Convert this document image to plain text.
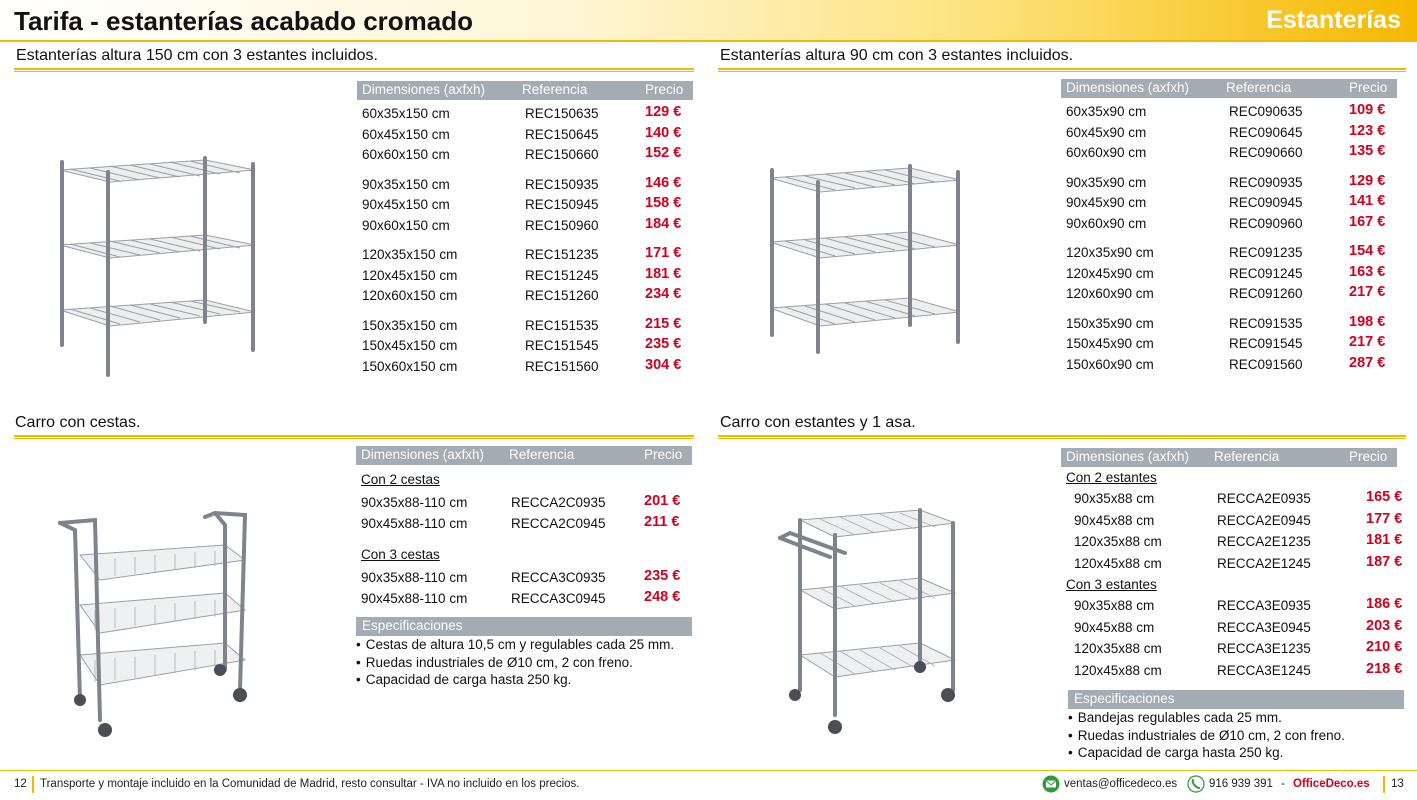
Tarifa - estanterías acabado cromado	Estanterías
Estanterías altura 150 cm con 3 estantes incluidos.
Dimensiones (axfxh)	Referencia	Precio
60x35x150 cm	REC150635	129 €
60x45x150 cm	REC150645	140 €
60x60x150 cm	REC150660	152 €
90x35x150 cm	REC150935	146 €
90x45x150 cm	REC150945	158 €
90x60x150 cm	REC150960	184 €
120x35x150 cm	REC151235	171 €
120x45x150 cm	REC151245	181 €
120x60x150 cm	REC151260	234 €
150x35x150 cm	REC151535	215 €
150x45x150 cm	REC151545	235 €
150x60x150 cm	REC151560	304 €
Estanterías altura 90 cm con 3 estantes incluidos.
Dimensiones (axfxh)	Referencia	Precio
60x35x90 cm	REC090635	109 €
60x45x90 cm	REC090645	123 €
60x60x90 cm	REC090660	135 €
90x35x90 cm	REC090935	129 €
90x45x90 cm	REC090945	141 €
90x60x90 cm	REC090960	167 €
120x35x90 cm	REC091235	154 €
120x45x90 cm	REC091245	163 €
120x60x90 cm	REC091260	217 €
150x35x90 cm	REC091535	198 €
150x45x90 cm	REC091545	217 €
150x60x90 cm	REC091560	287 €
Carro con cestas.
Dimensiones (axfxh) Referencia	Precio
Con 2 cestas
90x35x88-110 cm	RECCA2C0935	201 €
90x45x88-110 cm	RECCA2C0945	211 €
Con 3 cestas
90x35x88-110 cm	RECCA3C0935	235 €
90x45x88-110 cm	RECCA3C0945	248 €
Especificaciones
• Cestas de altura 10,5 cm y regulables cada 25 mm.
• Ruedas industriales de Ø10 cm, 2 con freno.
• Capacidad de carga hasta 250 kg.
Carro con estantes y 1 asa.
Dimensiones (axfxh) Referencia	Precio
Con 2 estantes
90x35x88 cm	RECCA2E0935	165 €
90x45x88 cm	RECCA2E0945	177 €
120x35x88 cm	RECCA2E1235	181 €
120x45x88 cm	RECCA2E1245	187 €
Con 3 estantes
90x35x88 cm	RECCA3E0935	186 €
90x45x88 cm	RECCA3E0945	203 €
120x35x88 cm	RECCA3E1235	210 €
120x45x88 cm	RECCA3E1245	218 €
Especificaciones
• Bandejas regulables cada 25 mm.
• Ruedas industriales de Ø10 cm, 2 con freno.
• Capacidad de carga hasta 250 kg.
12 Transporte y montaje incluido en la Comunidad de Madrid, resto consultar - IVA no incluido en los precios.	ventas@officedeco.es	916 939 391 - OfficeDeco.es 13
